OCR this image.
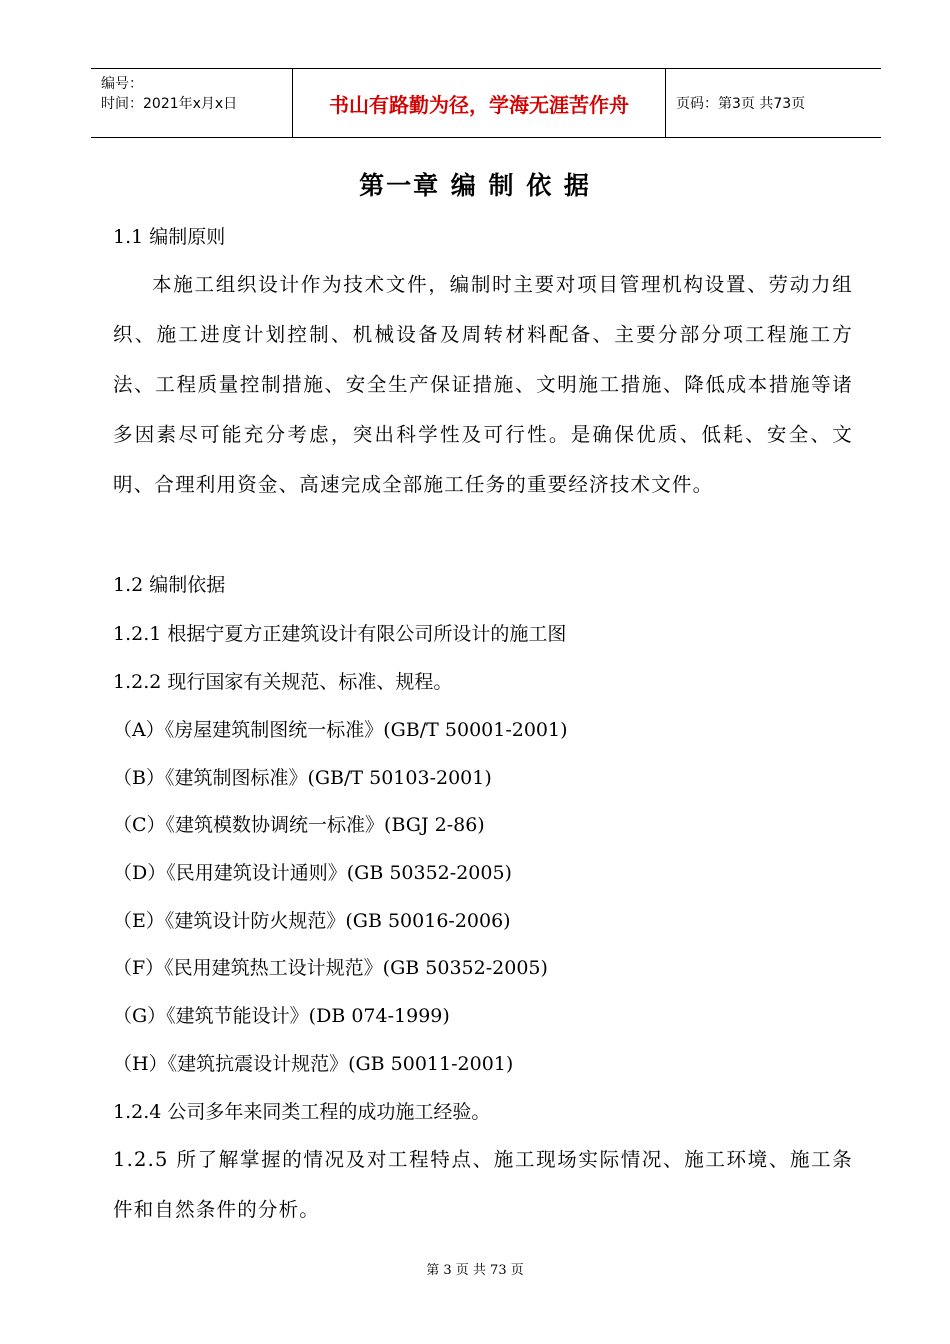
编号：
时间：2021年x月x日	书山有路勤为径，学海无涯苦作舟	页码：第3页 共73页
第一章 编 制 依 据
1.1 编制原则
本施工组织设计作为技术文件，编制时主要对项目管理机构设置、劳动力组织、施工进度计划控制、机械设备及周转材料配备、主要分部分项工程施工方法、工程质量控制措施、安全生产保证措施、文明施工措施、降低成本措施等诸多因素尽可能充分考虑，突出科学性及可行性。是确保优质、低耗、安全、文明、合理利用资金、高速完成全部施工任务的重要经济技术文件。
1.2 编制依据
1.2.1 根据宁夏方正建筑设计有限公司所设计的施工图
1.2.2 现行国家有关规范、标准、规程。
（A）《房屋建筑制图统一标准》(GB/T 50001-2001)
（B）《建筑制图标准》(GB/T 50103-2001)
（C）《建筑模数协调统一标准》(BGJ 2-86)
（D）《民用建筑设计通则》(GB 50352-2005)
（E）《建筑设计防火规范》(GB 50016-2006)
（F）《民用建筑热工设计规范》(GB 50352-2005)
（G）《建筑节能设计》(DB 074-1999)
（H）《建筑抗震设计规范》(GB 50011-2001)
1.2.4 公司多年来同类工程的成功施工经验。
1.2.5 所了解掌握的情况及对工程特点、施工现场实际情况、施工环境、施工条件和自然条件的分析。
第 3 页 共 73 页
